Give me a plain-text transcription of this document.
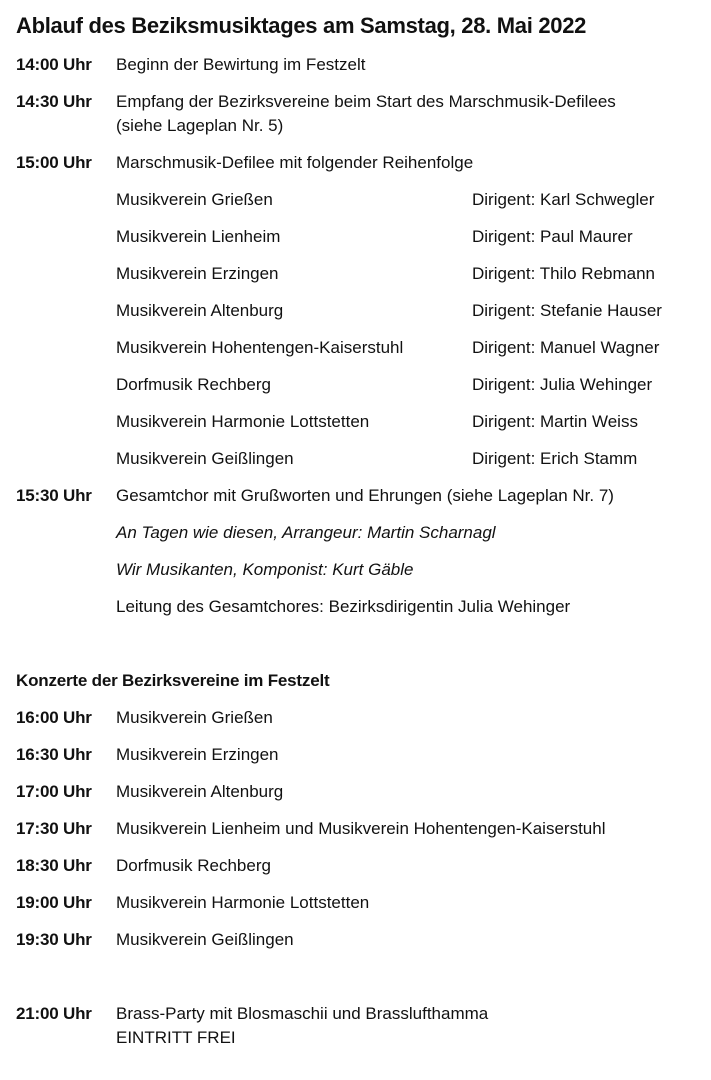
Ablauf des Beziksmusiktages am Samstag, 28. Mai 2022
14:00 Uhr	Beginn der Bewirtung im Festzelt
14:30 Uhr	Empfang der Bezirksvereine beim Start des Marschmusik-Defilees
(siehe Lageplan Nr. 5)
15:00 Uhr	Marschmusik-Defilee mit folgender Reihenfolge
Musikverein Grießen	Dirigent: Karl Schwegler
Musikverein Lienheim	Dirigent: Paul Maurer
Musikverein Erzingen	Dirigent: Thilo Rebmann
Musikverein Altenburg	Dirigent: Stefanie Hauser
Musikverein Hohentengen-Kaiserstuhl	Dirigent: Manuel Wagner
Dorfmusik Rechberg	Dirigent: Julia Wehinger
Musikverein Harmonie Lottstetten	Dirigent: Martin Weiss
Musikverein Geißlingen	Dirigent: Erich Stamm
15:30 Uhr	Gesamtchor mit Grußworten und Ehrungen (siehe Lageplan Nr. 7)
An Tagen wie diesen, Arrangeur: Martin Scharnagl
Wir Musikanten, Komponist: Kurt Gäble
Leitung des Gesamtchores: Bezirksdirigentin Julia Wehinger
Konzerte der Bezirksvereine im Festzelt
16:00 Uhr	Musikverein Grießen
16:30 Uhr	Musikverein Erzingen
17:00 Uhr	Musikverein Altenburg
17:30 Uhr	Musikverein Lienheim und Musikverein Hohentengen-Kaiserstuhl
18:30 Uhr	Dorfmusik Rechberg
19:00 Uhr	Musikverein Harmonie Lottstetten
19:30 Uhr	Musikverein Geißlingen
21:00 Uhr	Brass-Party mit Blosmaschii und Brasslufthamma
EINTRITT FREI
